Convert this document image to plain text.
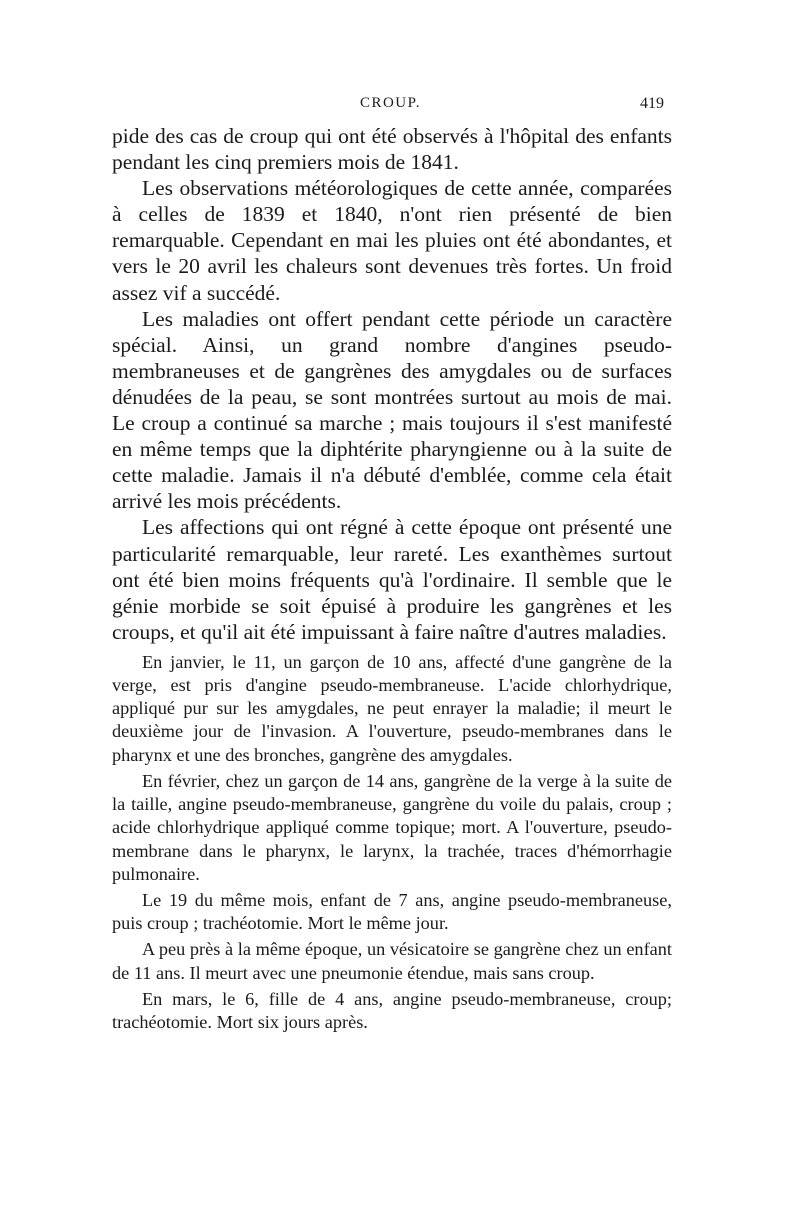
CROUP.	419

pide des cas de croup qui ont été observés à l'hôpital des enfants pendant les cinq premiers mois de 1841.

Les observations météorologiques de cette année, comparées à celles de 1839 et 1840, n'ont rien présenté de bien remarquable. Cependant en mai les pluies ont été abondantes, et vers le 20 avril les chaleurs sont devenues très fortes. Un froid assez vif a succédé.

Les maladies ont offert pendant cette période un caractère spécial. Ainsi, un grand nombre d'angines pseudo-membraneuses et de gangrènes des amygdales ou de surfaces dénudées de la peau, se sont montrées surtout au mois de mai. Le croup a continué sa marche ; mais toujours il s'est manifesté en même temps que la diphtérite pharyngienne ou à la suite de cette maladie. Jamais il n'a débuté d'emblée, comme cela était arrivé les mois précédents.

Les affections qui ont régné à cette époque ont présenté une particularité remarquable, leur rareté. Les exanthèmes surtout ont été bien moins fréquents qu'à l'ordinaire. Il semble que le génie morbide se soit épuisé à produire les gangrènes et les croups, et qu'il ait été impuissant à faire naître d'autres maladies.

En janvier, le 11, un garçon de 10 ans, affecté d'une gangrène de la verge, est pris d'angine pseudo-membraneuse. L'acide chlorhydrique, appliqué pur sur les amygdales, ne peut enrayer la maladie; il meurt le deuxième jour de l'invasion. A l'ouverture, pseudo-membranes dans le pharynx et une des bronches, gangrène des amygdales.

En février, chez un garçon de 14 ans, gangrène de la verge à la suite de la taille, angine pseudo-membraneuse, gangrène du voile du palais, croup ; acide chlorhydrique appliqué comme topique; mort. A l'ouverture, pseudo-membrane dans le pharynx, le larynx, la trachée, traces d'hémorrhagie pulmonaire.

Le 19 du même mois, enfant de 7 ans, angine pseudo-membraneuse, puis croup ; trachéotomie. Mort le même jour.

A peu près à la même époque, un vésicatoire se gangrène chez un enfant de 11 ans. Il meurt avec une pneumonie étendue, mais sans croup.

En mars, le 6, fille de 4 ans, angine pseudo-membraneuse, croup; trachéotomie. Mort six jours après.
